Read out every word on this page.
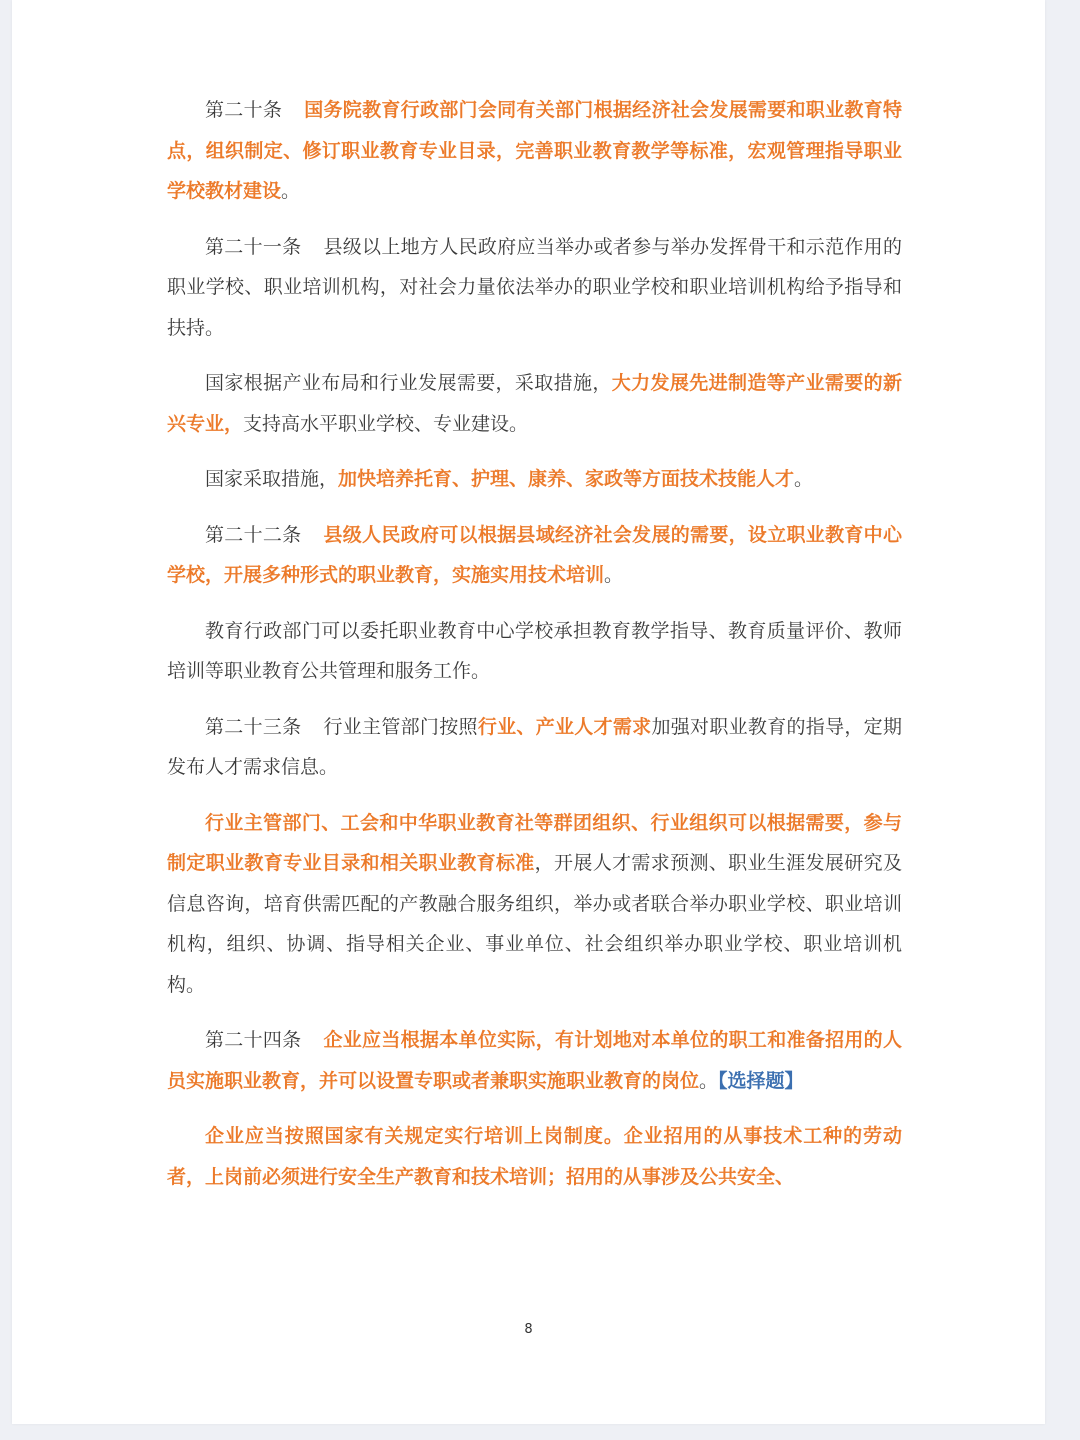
第二十条 国务院教育行政部门会同有关部门根据经济社会发展需要和职业教育特点，组织制定、修订职业教育专业目录，完善职业教育教学等标准，宏观管理指导职业学校教材建设。

第二十一条 县级以上地方人民政府应当举办或者参与举办发挥骨干和示范作用的职业学校、职业培训机构，对社会力量依法举办的职业学校和职业培训机构给予指导和扶持。

国家根据产业布局和行业发展需要，采取措施，大力发展先进制造等产业需要的新兴专业，支持高水平职业学校、专业建设。

国家采取措施，加快培养托育、护理、康养、家政等方面技术技能人才。

第二十二条 县级人民政府可以根据县域经济社会发展的需要，设立职业教育中心学校，开展多种形式的职业教育，实施实用技术培训。

教育行政部门可以委托职业教育中心学校承担教育教学指导、教育质量评价、教师培训等职业教育公共管理和服务工作。

第二十三条 行业主管部门按照行业、产业人才需求加强对职业教育的指导，定期发布人才需求信息。

行业主管部门、工会和中华职业教育社等群团组织、行业组织可以根据需要，参与制定职业教育专业目录和相关职业教育标准，开展人才需求预测、职业生涯发展研究及信息咨询，培育供需匹配的产教融合服务组织，举办或者联合举办职业学校、职业培训机构，组织、协调、指导相关企业、事业单位、社会组织举办职业学校、职业培训机构。

第二十四条 企业应当根据本单位实际，有计划地对本单位的职工和准备招用的人员实施职业教育，并可以设置专职或者兼职实施职业教育的岗位。【选择题】

企业应当按照国家有关规定实行培训上岗制度。企业招用的从事技术工种的劳动者，上岗前必须进行安全生产教育和技术培训；招用的从事涉及公共安全、

8
